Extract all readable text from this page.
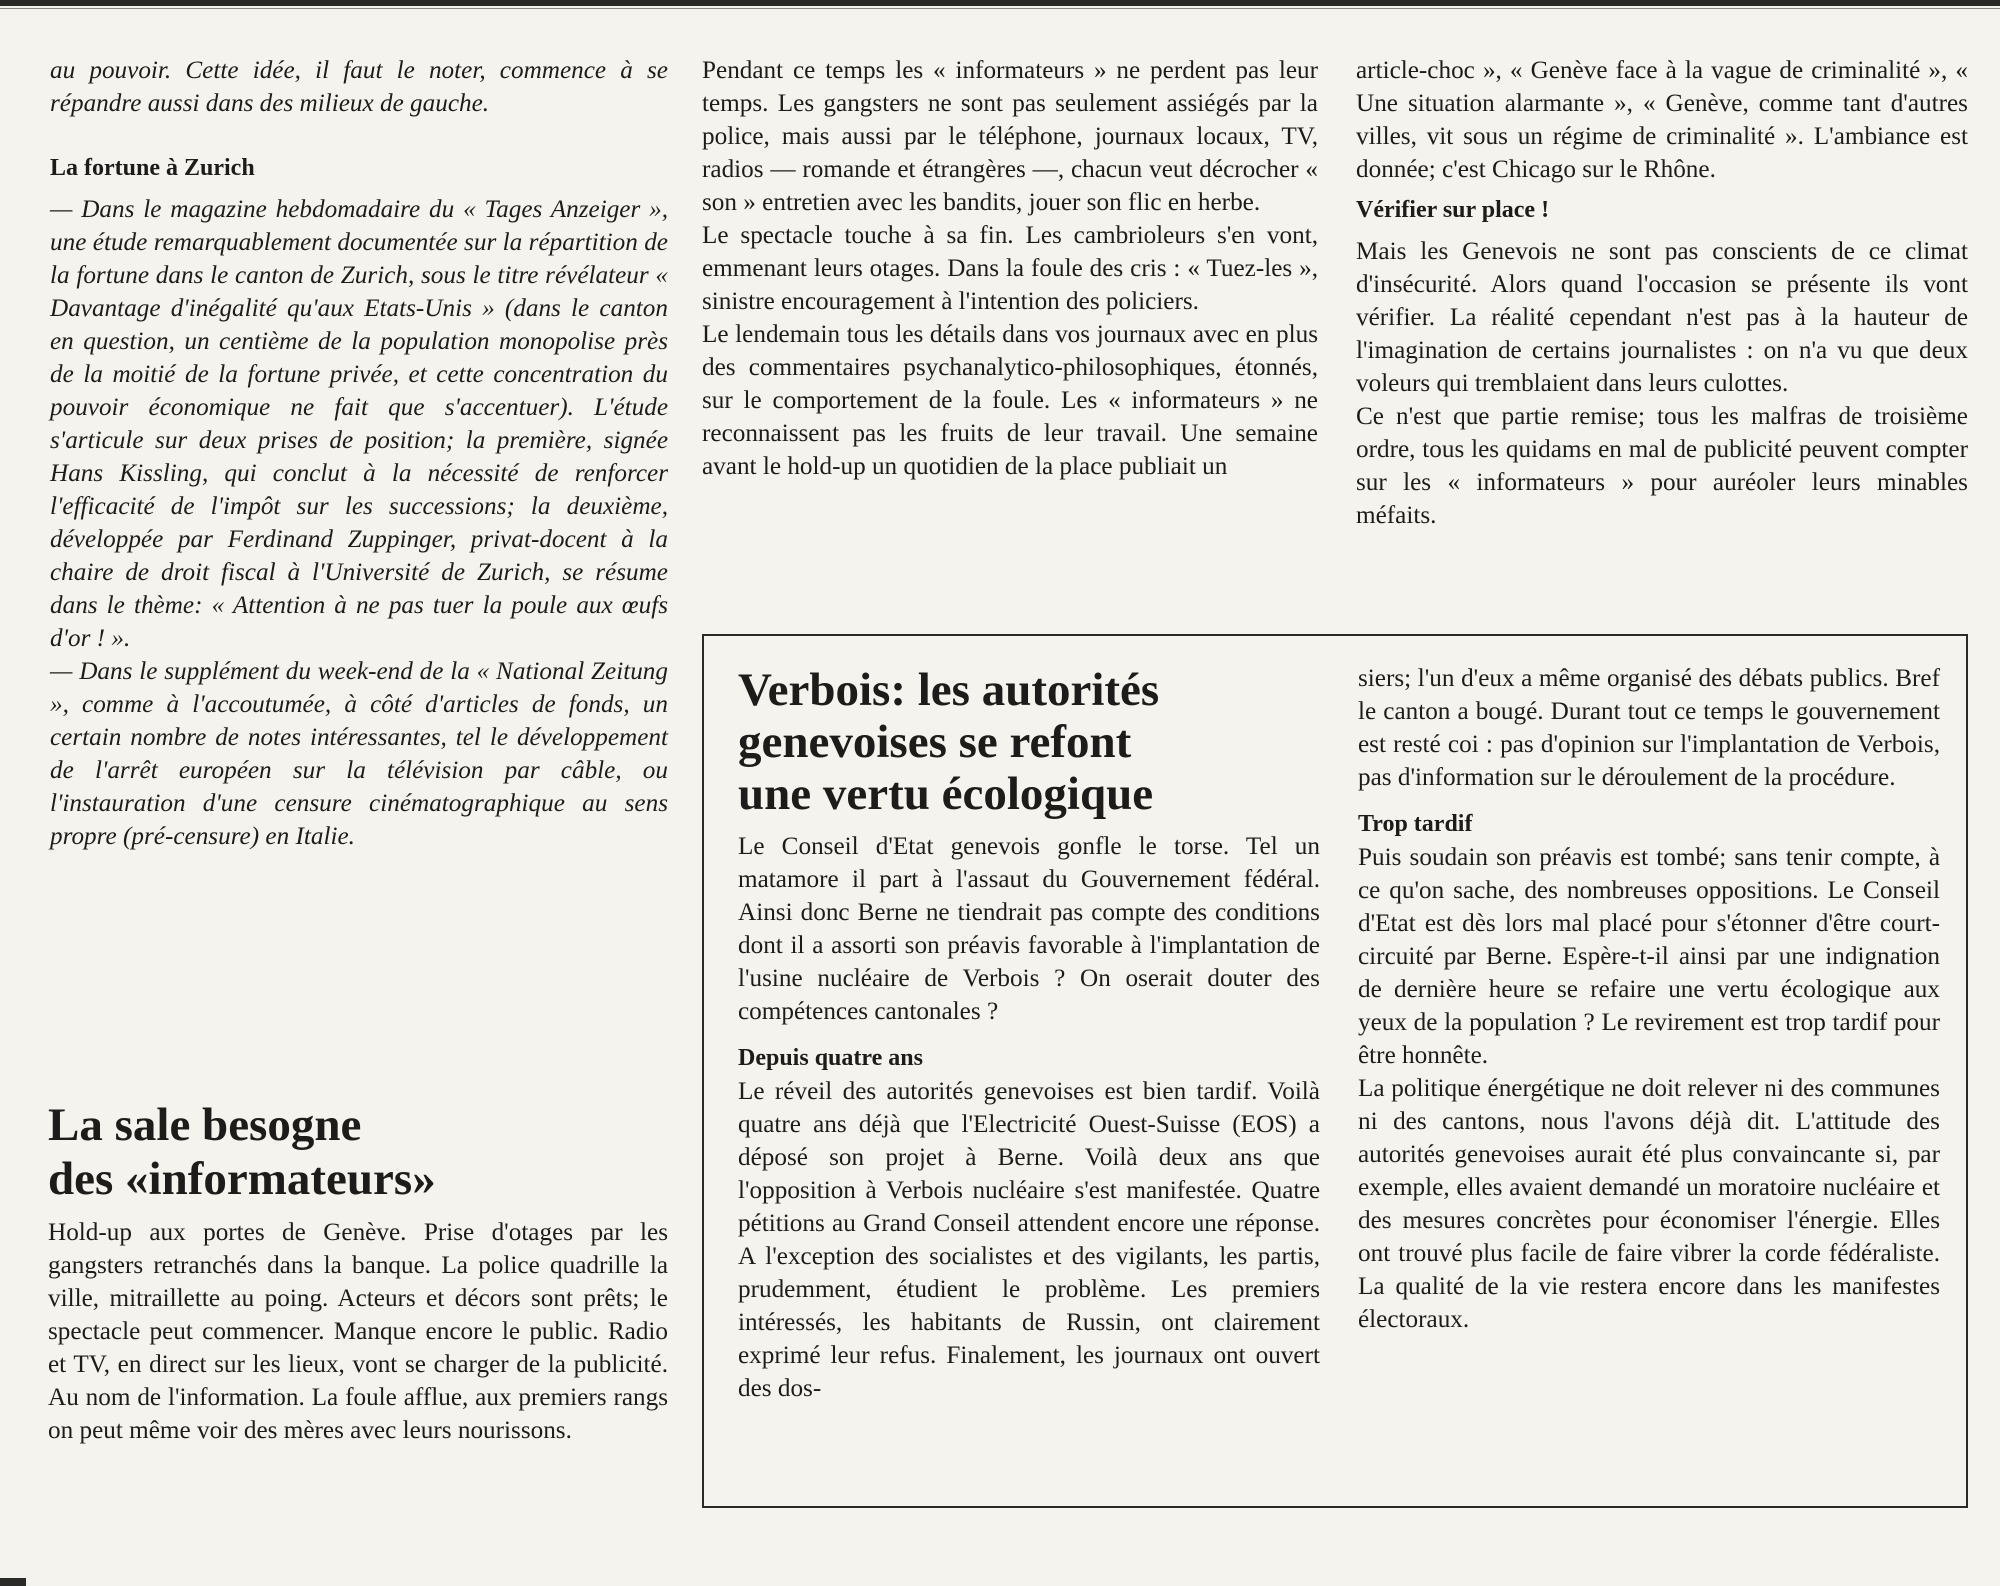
au pouvoir. Cette idée, il faut le noter, commence à se répandre aussi dans des milieux de gauche.

La fortune à Zurich

— Dans le magazine hebdomadaire du « Tages Anzeiger », une étude remarquablement documentée sur la répartition de la fortune dans le canton de Zurich, sous le titre révélateur « Davantage d'inégalité qu'aux Etats-Unis » (dans le canton en question, un centième de la population monopolise près de la moitié de la fortune privée, et cette concentration du pouvoir économique ne fait que s'accentuer). L'étude s'articule sur deux prises de position; la première, signée Hans Kissling, qui conclut à la nécessité de renforcer l'efficacité de l'impôt sur les successions; la deuxième, développée par Ferdinand Zuppinger, privat-docent à la chaire de droit fiscal à l'Université de Zurich, se résume dans le thème: « Attention à ne pas tuer la poule aux œufs d'or ! ».

— Dans le supplément du week-end de la « National Zeitung », comme à l'accoutumée, à côté d'articles de fonds, un certain nombre de notes intéressantes, tel le développement de l'arrêt européen sur la télévision par câble, ou l'instauration d'une censure cinématographique au sens propre (pré-censure) en Italie.

La sale besogne

des «informateurs»

Hold-up aux portes de Genève. Prise d'otages par les gangsters retranchés dans la banque. La police quadrille la ville, mitraillette au poing. Acteurs et décors sont prêts; le spectacle peut commencer. Manque encore le public. Radio et TV, en direct sur les lieux, vont se charger de la publicité. Au nom de l'information. La foule afflue, aux premiers rangs on peut même voir des mères avec leurs nourissons.

Pendant ce temps les « informateurs » ne perdent pas leur temps. Les gangsters ne sont pas seulement assiégés par la police, mais aussi par le téléphone, journaux locaux, TV, radios — romande et étrangères —, chacun veut décrocher « son » entretien avec les bandits, jouer son flic en herbe.

Le spectacle touche à sa fin. Les cambrioleurs s'en vont, emmenant leurs otages. Dans la foule des cris : « Tuez-les », sinistre encouragement à l'intention des policiers.

Le lendemain tous les détails dans vos journaux avec en plus des commentaires psychanalytico-philosophiques, étonnés, sur le comportement de la foule. Les « informateurs » ne reconnaissent pas les fruits de leur travail. Une semaine avant le hold-up un quotidien de la place publiait un

article-choc », « Genève face à la vague de criminalité », « Une situation alarmante », « Genève, comme tant d'autres villes, vit sous un régime de criminalité ». L'ambiance est donnée; c'est Chicago sur le Rhône.

Vérifier sur place !

Mais les Genevois ne sont pas conscients de ce climat d'insécurité. Alors quand l'occasion se présente ils vont vérifier. La réalité cependant n'est pas à la hauteur de l'imagination de certains journalistes : on n'a vu que deux voleurs qui tremblaient dans leurs culottes.

Ce n'est que partie remise; tous les malfras de troisième ordre, tous les quidams en mal de publicité peuvent compter sur les « informateurs » pour auréoler leurs minables méfaits.

Verbois: les autorités

genevoises se refont

une vertu écologique

Le Conseil d'Etat genevois gonfle le torse. Tel un matamore il part à l'assaut du Gouvernement fédéral. Ainsi donc Berne ne tiendrait pas compte des conditions dont il a assorti son préavis favorable à l'implantation de l'usine nucléaire de Verbois ? On oserait douter des compétences cantonales ?

Depuis quatre ans

Le réveil des autorités genevoises est bien tardif. Voilà quatre ans déjà que l'Electricité Ouest-Suisse (EOS) a déposé son projet à Berne. Voilà deux ans que l'opposition à Verbois nucléaire s'est manifestée. Quatre pétitions au Grand Conseil attendent encore une réponse. A l'exception des socialistes et des vigilants, les partis, prudemment, étudient le problème. Les premiers intéressés, les habitants de Russin, ont clairement exprimé leur refus. Finalement, les journaux ont ouvert des dos-

siers; l'un d'eux a même organisé des débats publics. Bref le canton a bougé. Durant tout ce temps le gouvernement est resté coi : pas d'opinion sur l'implantation de Verbois, pas d'information sur le déroulement de la procédure.

Trop tardif

Puis soudain son préavis est tombé; sans tenir compte, à ce qu'on sache, des nombreuses oppositions. Le Conseil d'Etat est dès lors mal placé pour s'étonner d'être court-circuité par Berne. Espère-t-il ainsi par une indignation de dernière heure se refaire une vertu écologique aux yeux de la population ? Le revirement est trop tardif pour être honnête.

La politique énergétique ne doit relever ni des communes ni des cantons, nous l'avons déjà dit. L'attitude des autorités genevoises aurait été plus convaincante si, par exemple, elles avaient demandé un moratoire nucléaire et des mesures concrètes pour économiser l'énergie. Elles ont trouvé plus facile de faire vibrer la corde fédéraliste. La qualité de la vie restera encore dans les manifestes électoraux.
